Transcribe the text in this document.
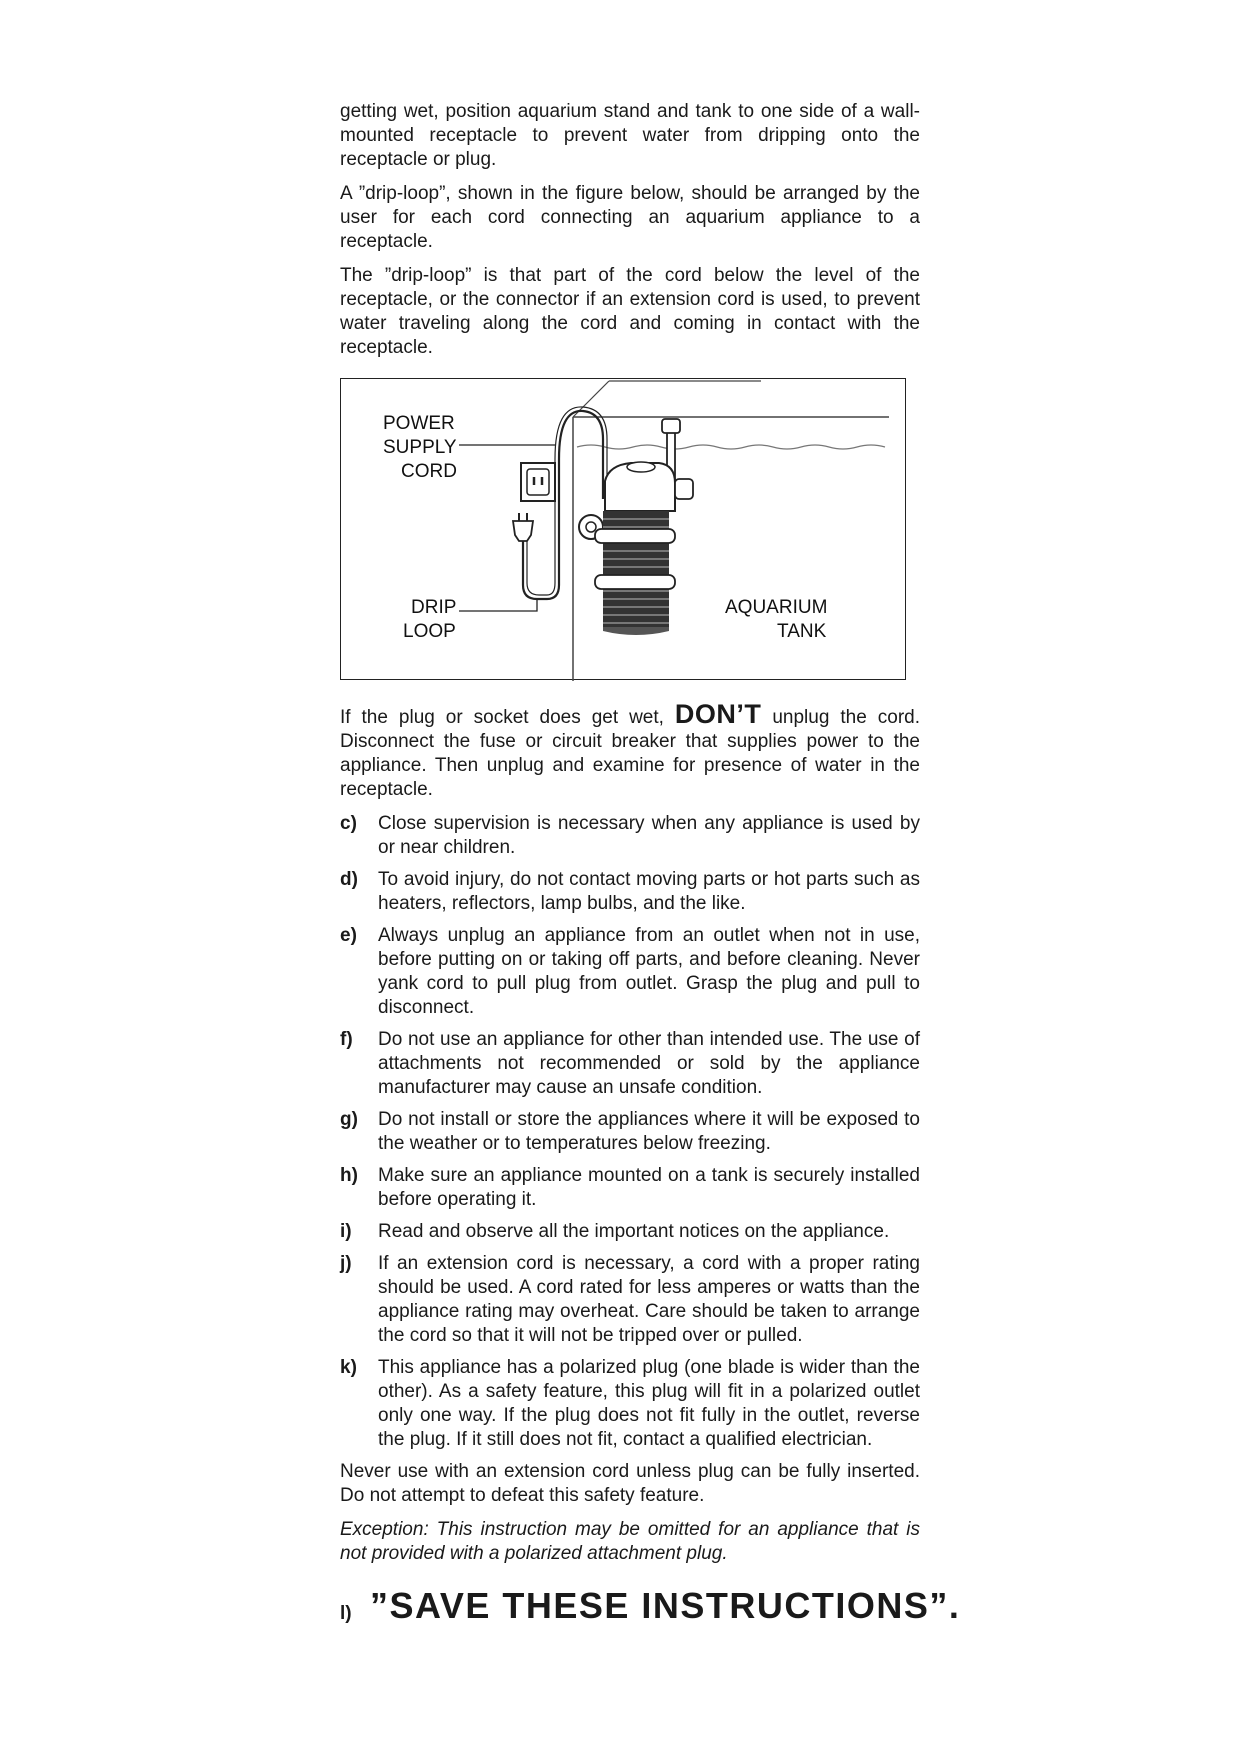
getting wet, position aquarium stand and tank to one side of a wall-mounted receptacle to prevent water from dripping onto the receptacle or plug.

A ”drip-loop”, shown in the figure below, should be arranged by the user for each cord connecting an aquarium appliance to a receptacle.

The ”drip-loop” is that part of the cord below the level of the receptacle, or the connector if an extension cord is used, to prevent water traveling along the cord and coming in contact with the receptacle.

POWER
SUPPLY
CORD
DRIP
LOOP
AQUARIUM
TANK

If the plug or socket does get wet, DON’T unplug the cord. Disconnect the fuse or circuit breaker that supplies power to the appliance. Then unplug and examine for presence of water in the receptacle.

c)	Close supervision is necessary when any appliance is used by or near children.
d)	To avoid injury, do not contact moving parts or hot parts such as heaters, reflectors, lamp bulbs, and the like.
e)	Always unplug an appliance from an outlet when not in use, before putting on or taking off parts, and before cleaning. Never yank cord to pull plug from outlet. Grasp the plug and pull to disconnect.
f)	Do not use an appliance for other than intended use. The use of attachments not recommended or sold by the appliance manufacturer may cause an unsafe condition.
g)	Do not install or store the appliances where it will be exposed to the weather or to temperatures below freezing.
h)	Make sure an appliance mounted on a tank is securely installed before operating it.
i)	Read and observe all the important notices on the appliance.
j)	If an extension cord is necessary, a cord with a proper rating should be used. A cord rated for less amperes or watts than the appliance rating may overheat. Care should be taken to arrange the cord so that it will not be tripped over or pulled.
k)	This appliance has a polarized plug (one blade is wider than the other). As a safety feature, this plug will fit in a polarized outlet only one way. If the plug does not fit fully in the outlet, reverse the plug. If it still does not fit, contact a qualified electrician.

Never use with an extension cord unless plug can be fully inserted. Do not attempt to defeat this safety feature.

Exception: This instruction may be omitted for an appliance that is not provided with a polarized attachment plug.

l) ”SAVE THESE INSTRUCTIONS”.
